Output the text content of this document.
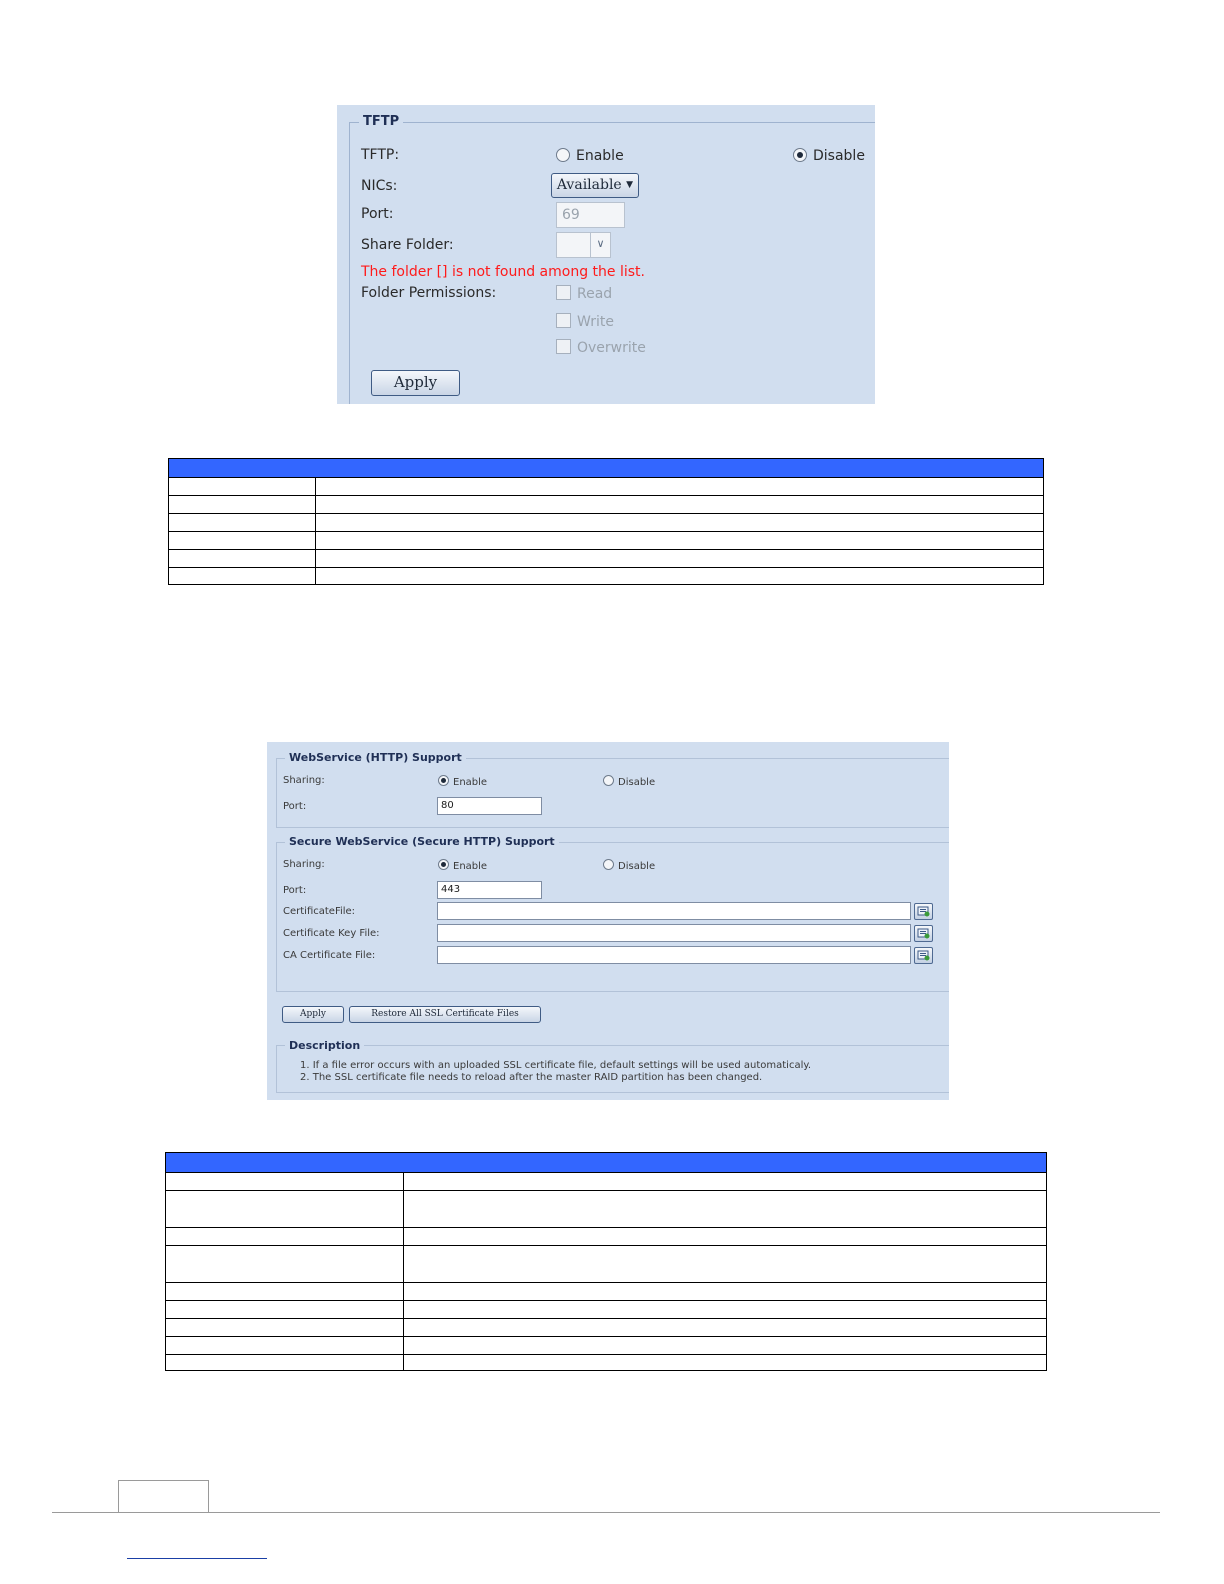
TFTP
TFTP:	Enable	Disable
NICs:	Available ▼
Port:	69
Share Folder:	∨
The folder [] is not found among the list.
Folder Permissions:	Read
Write
Overwrite
Apply

WebService (HTTP) Support
Sharing:	Enable	Disable
Port:	80
Secure WebService (Secure HTTP) Support
Sharing:	Enable	Disable
Port:	443
CertificateFile:
Certificate Key File:
CA Certificate File:
Apply	Restore All SSL Certificate Files
Description
1. If a file error occurs with an uploaded SSL certificate file, default settings will be used automaticaly.
2. The SSL certificate file needs to reload after the master RAID partition has been changed.
